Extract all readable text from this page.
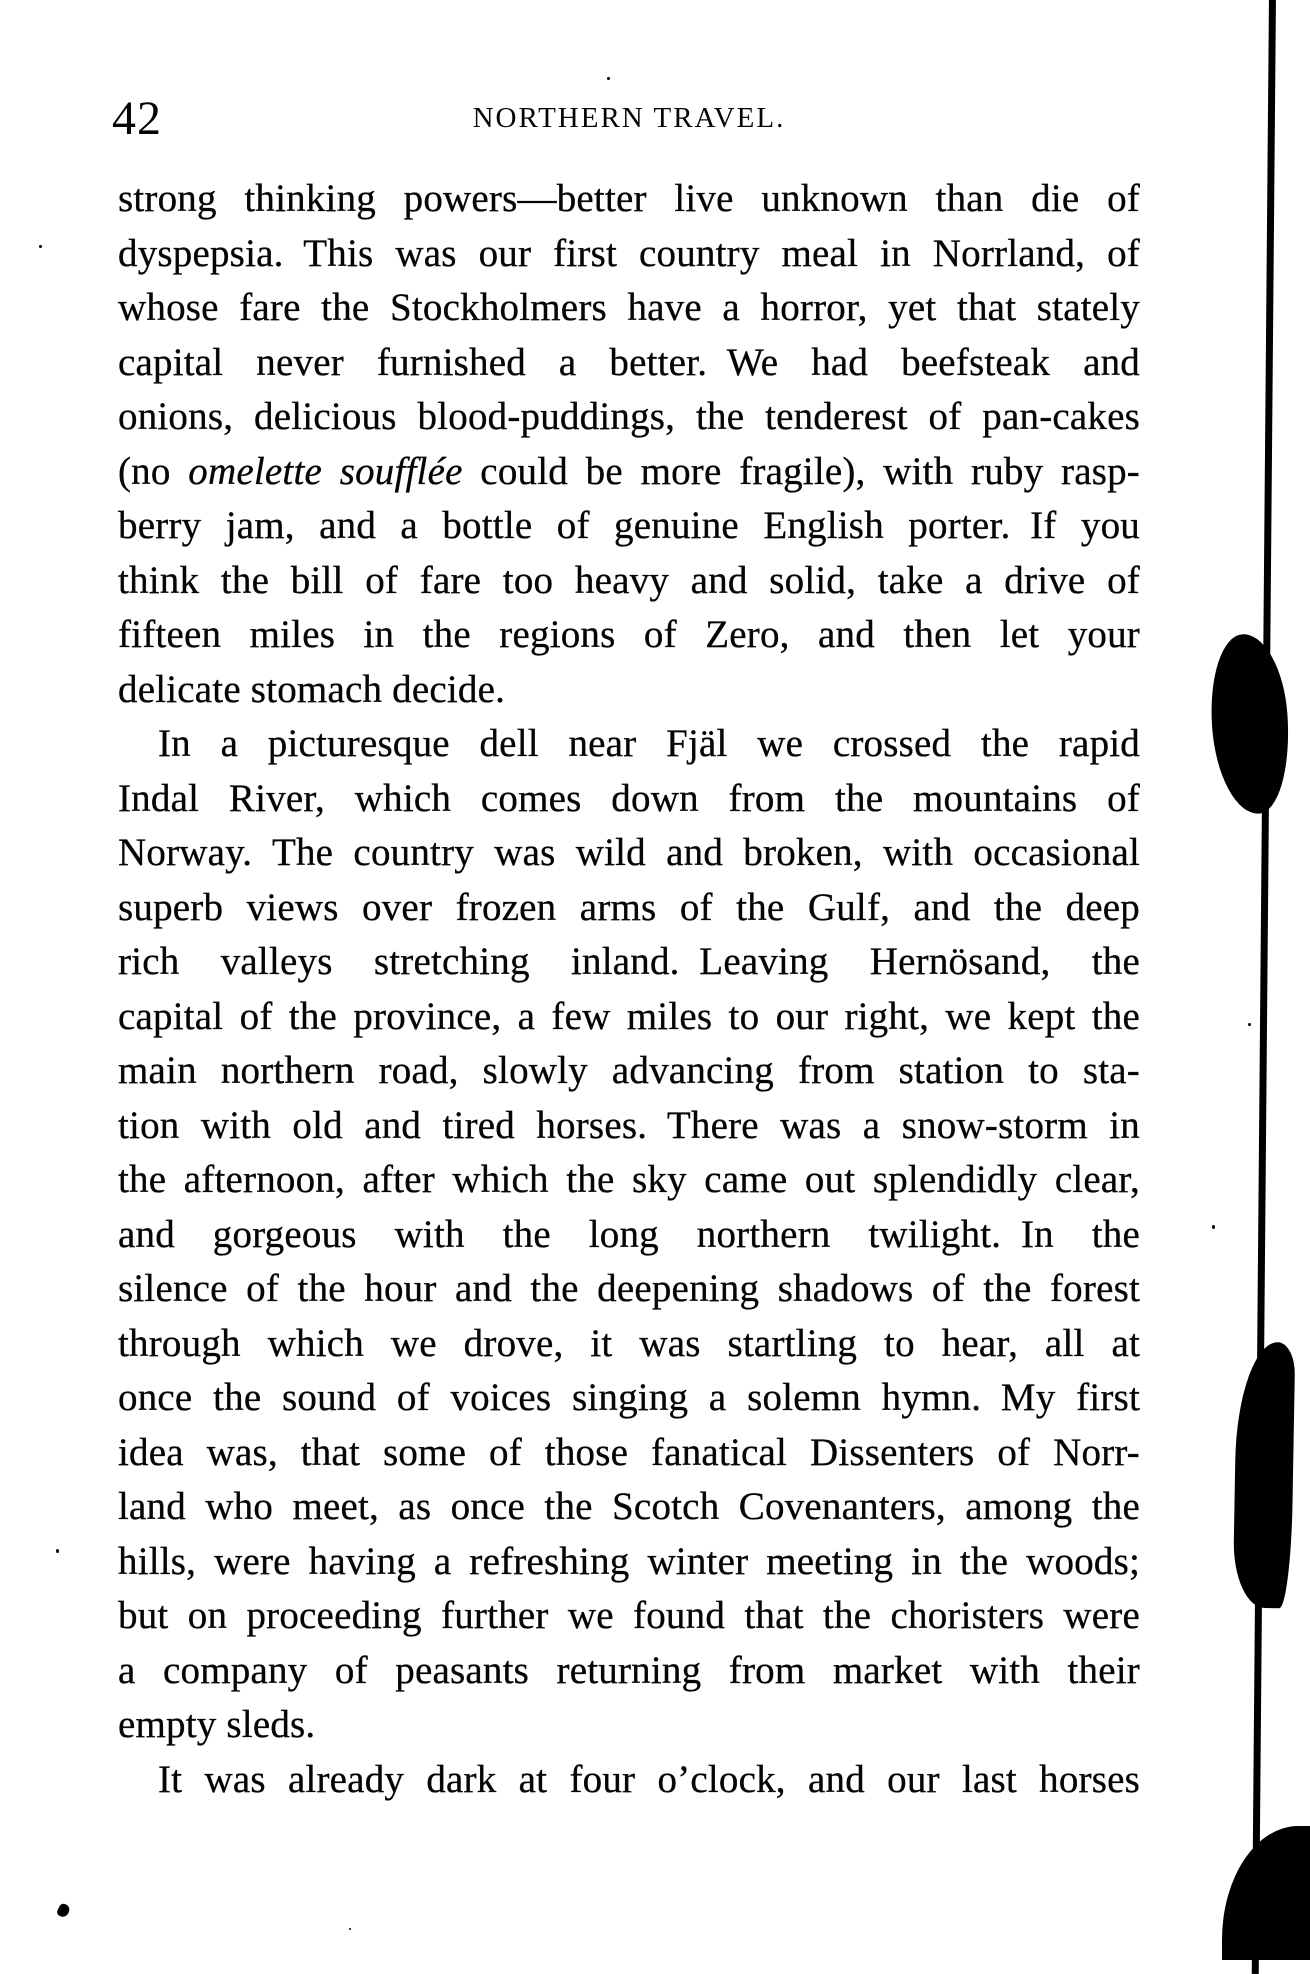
42	NORTHERN TRAVEL.
strong thinking powers—better live unknown than die of
dyspepsia. This was our first country meal in Norrland, of
whose fare the Stockholmers have a horror, yet that stately
capital never furnished a better. We had beefsteak and
onions, delicious blood-puddings, the tenderest of pan-cakes
(no omelette soufflée could be more fragile), with ruby rasp-
berry jam, and a bottle of genuine English porter. If you
think the bill of fare too heavy and solid, take a drive of
fifteen miles in the regions of Zero, and then let your
delicate stomach decide.
In a picturesque dell near Fjäl we crossed the rapid
Indal River, which comes down from the mountains of
Norway. The country was wild and broken, with occasional
superb views over frozen arms of the Gulf, and the deep
rich valleys stretching inland. Leaving Hernösand, the
capital of the province, a few miles to our right, we kept the
main northern road, slowly advancing from station to sta-
tion with old and tired horses. There was a snow-storm in
the afternoon, after which the sky came out splendidly clear,
and gorgeous with the long northern twilight. In the
silence of the hour and the deepening shadows of the forest
through which we drove, it was startling to hear, all at
once the sound of voices singing a solemn hymn. My first
idea was, that some of those fanatical Dissenters of Norr-
land who meet, as once the Scotch Covenanters, among the
hills, were having a refreshing winter meeting in the woods;
but on proceeding further we found that the choristers were
a company of peasants returning from market with their
empty sleds.
It was already dark at four o’clock, and our last horses
